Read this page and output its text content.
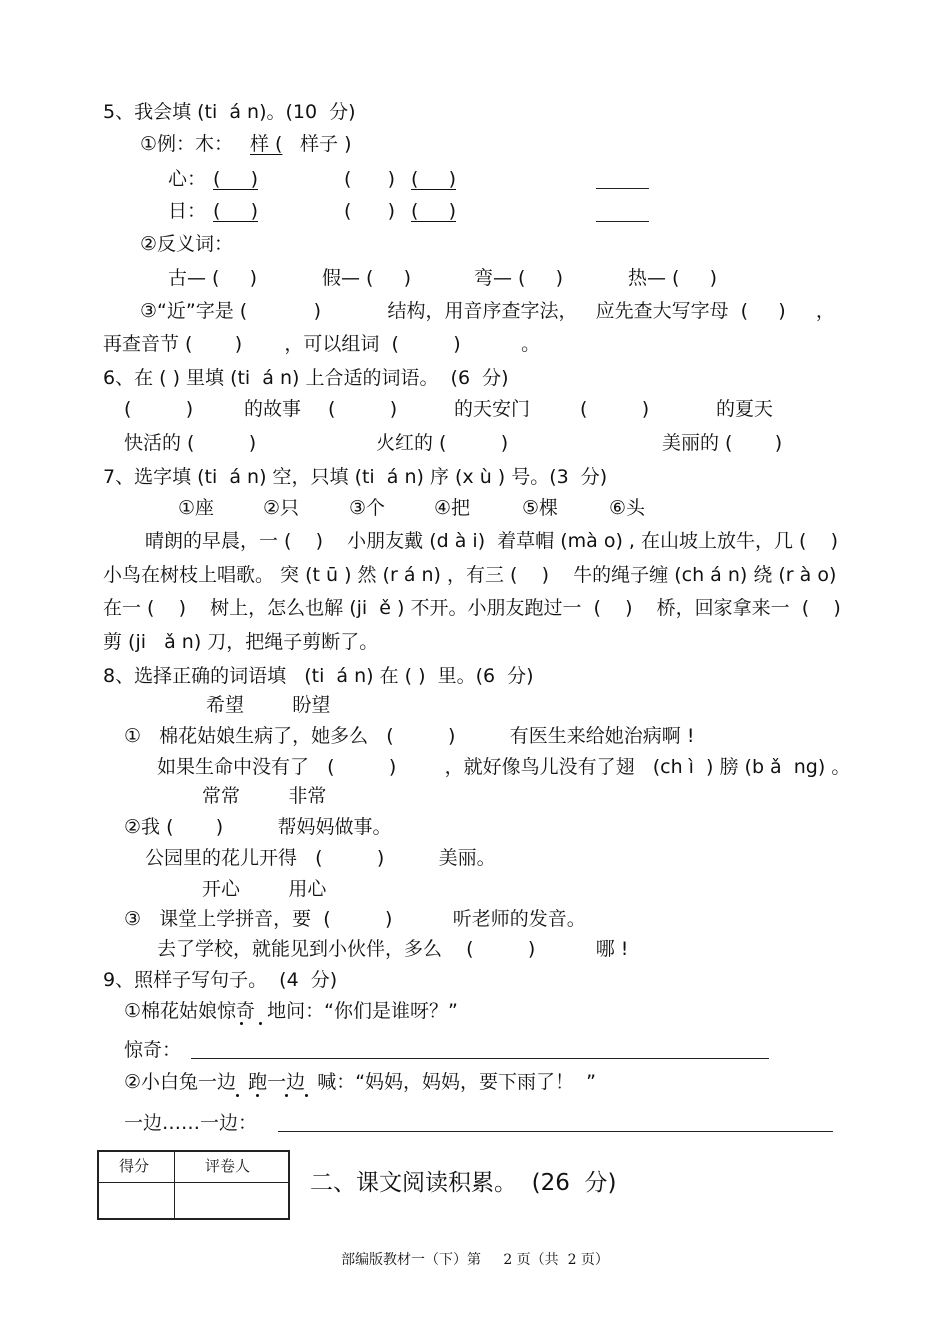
5、我会填 (ti  á n)。(10  分)
①例：木： 样 ( 样子 )
心： (     )	(      ) (     )
日： (     )	(      ) (     )
②反义词：
古— (     )	假— (     )	弯— (     )	热— (     )
③“近”字是 (           )           结构，用音序查字法，   应先查大写字母  (     )     ，
再查音节 (       )       ，可以组词  (         )          。
6、在 ( ) 里填 (ti  á n) 上合适的词语。  (6  分)
(         )	的故事 (         )	的天安门	(         )	的夏天
快活的 (         )	火红的 (         )	美丽的 (       )
7、选字填 (ti  á n) 空，只填 (ti  á n) 序 (x ù ) 号。(3  分)
①座	②只	③个	④把	⑤棵	⑥头
晴朗的早晨，一 (    )    小朋友戴 (d à i)  着草帽 (mà o) , 在山坡上放牛，几 (    )
小鸟在树枝上唱歌。 突 (t ū ) 然 (r á n) ，有三 (    )    牛的绳子缠 (ch á n) 绕 (r à o)
在一 (    )    树上，怎么也解 (ji  ě ) 不开。小朋友跑过一  (    )    桥，回家拿来一  (    )
剪 (ji   ǎ n) 刀，把绳子剪断了。
8、选择正确的词语填   (ti  á n) 在 ( )  里。(6  分)
希望        盼望
①   棉花姑娘生病了，她多么   (         )         有医生来给她治病啊 !
如果生命中没有了   (         )        ，就好像鸟儿没有了翅   (ch ì  ) 膀 (b ǎ  ng) 。
常常        非常
②我 (       )         帮妈妈做事。
公园里的花儿开得   (         )         美丽。
开心        用心
③   课堂上学拼音，要  (         )          听老师的发音。
去了学校，就能见到小伙伴，多么    (         )          哪 !
9、照样子写句子。  (4  分)
①棉花姑娘惊奇  地问：“你们是谁呀？”
惊奇：
②小白兔一边  跑一边  喊：“妈妈，妈妈，要下雨了！  ”
一边……一边：
得分	评卷人
二、课文阅读积累。  (26  分)
部编版教材一（下）第     2 页（共  2 页）
